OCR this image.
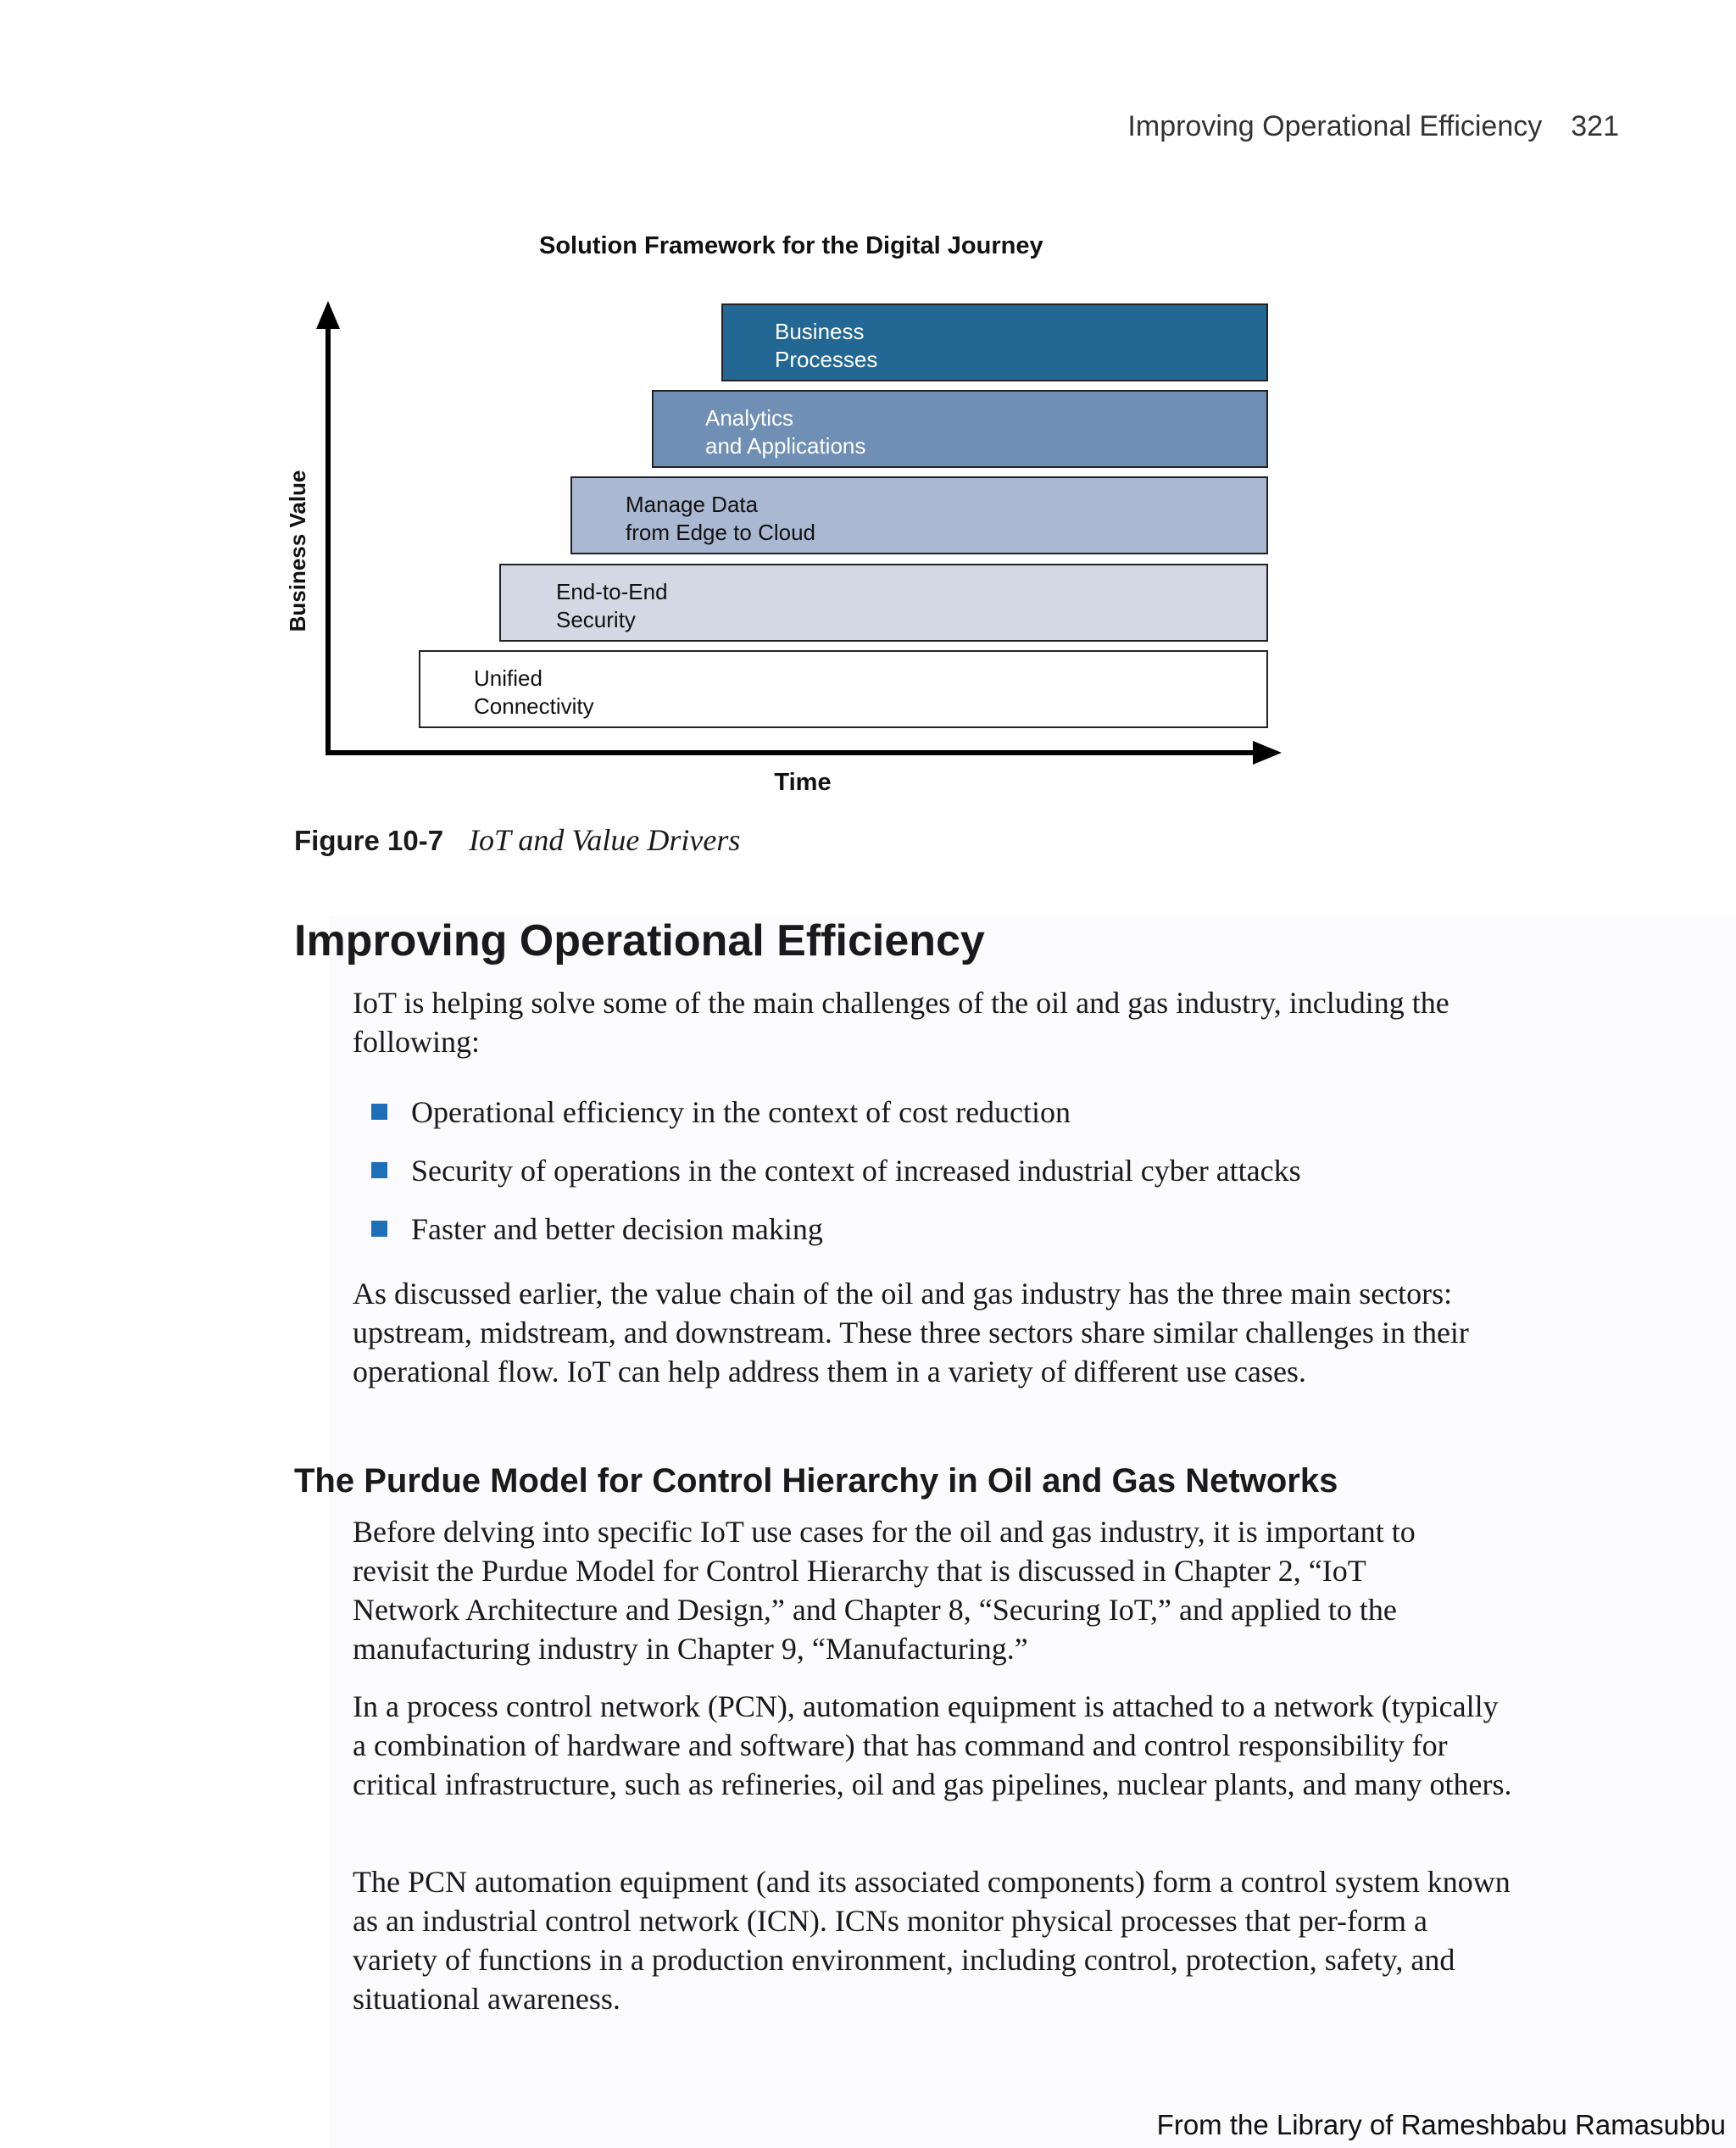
Improving Operational Efficiency 321
Solution Framework for the Digital Journey
Business Value
Time
Unified
Connectivity
End-to-End
Security
Manage Data
from Edge to Cloud
Analytics
and Applications
Business
Processes
Figure 10-7 IoT and Value Drivers
Improving Operational Efficiency

IoT is helping solve some of the main challenges of the oil and gas industry, including the following:

Operational efficiency in the context of cost reduction
Security of operations in the context of increased industrial cyber attacks
Faster and better decision making

As discussed earlier, the value chain of the oil and gas industry has the three main sectors: upstream, midstream, and downstream. These three sectors share similar challenges in their operational flow. IoT can help address them in a variety of different use cases.

The Purdue Model for Control Hierarchy in Oil and Gas Networks

Before delving into specific IoT use cases for the oil and gas industry, it is important to revisit the Purdue Model for Control Hierarchy that is discussed in Chapter 2, “IoT Network Architecture and Design,” and Chapter 8, “Securing IoT,” and applied to the manufacturing industry in Chapter 9, “Manufacturing.”

In a process control network (PCN), automation equipment is attached to a network (typically a combination of hardware and software) that has command and control responsibility for critical infrastructure, such as refineries, oil and gas pipelines, nuclear plants, and many others.

The PCN automation equipment (and its associated components) form a control system known as an industrial control network (ICN). ICNs monitor physical processes that per-form a variety of functions in a production environment, including control, protection, safety, and situational awareness.

From the Library of Rameshbabu Ramasubbu
